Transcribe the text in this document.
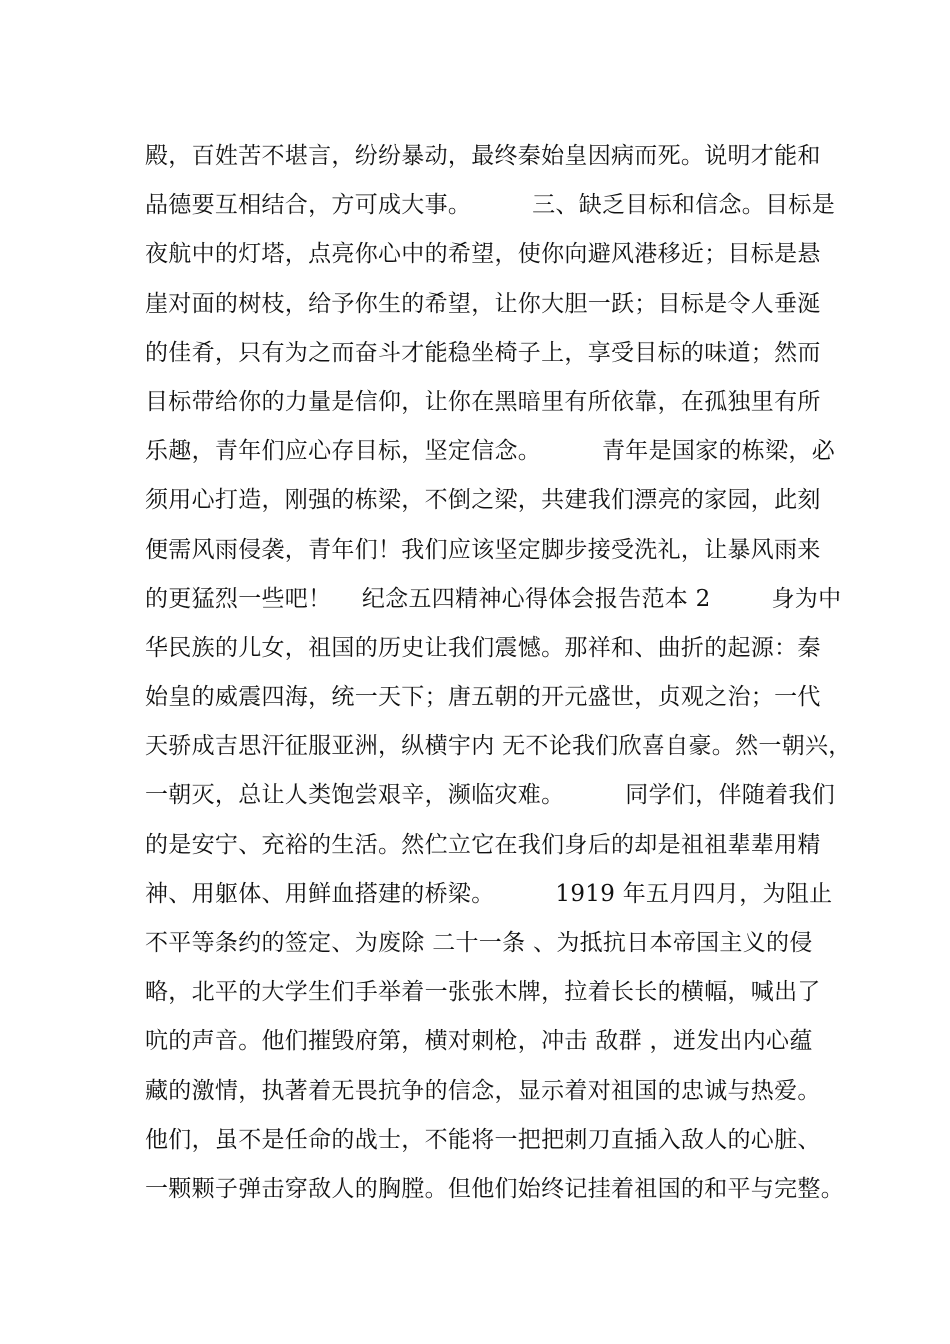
殿，百姓苦不堪言，纷纷暴动，最终秦始皇因病而死。说明才能和
品德要互相结合，方可成大事。        三、缺乏目标和信念。目标是
夜航中的灯塔，点亮你心中的希望，使你向避风港移近；目标是悬
崖对面的树枝，给予你生的希望，让你大胆一跃；目标是令人垂涎
的佳肴，只有为之而奋斗才能稳坐椅子上，享受目标的味道；然而
目标带给你的力量是信仰，让你在黑暗里有所依靠，在孤独里有所
乐趣，青年们应心存目标，坚定信念。        青年是国家的栋梁，必
须用心打造，刚强的栋梁，不倒之梁，共建我们漂亮的家园，此刻
便需风雨侵袭，青年们！我们应该坚定脚步接受洗礼，让暴风雨来
的更猛烈一些吧！    纪念五四精神心得体会报告范本 2        身为中
华民族的儿女，祖国的历史让我们震憾。那祥和、曲折的起源：秦
始皇的威震四海，统一天下；唐五朝的开元盛世，贞观之治；一代
天骄成吉思汗征服亚洲，纵横宇内 无不论我们欣喜自豪。然一朝兴，
一朝灭，总让人类饱尝艰辛，濒临灾难。        同学们，伴随着我们
的是安宁、充裕的生活。然伫立它在我们身后的却是祖祖辈辈用精
神、用躯体、用鲜血搭建的桥梁。        1919 年五月四月，为阻止
不平等条约的签定、为废除 二十一条 、为抵抗日本帝国主义的侵
略，北平的大学生们手举着一张张木牌，拉着长长的横幅，喊出了
吭的声音。他们摧毁府第，横对刺枪，冲击 敌群 ，迸发出内心蕴
藏的激情，执著着无畏抗争的信念，显示着对祖国的忠诚与热爱。
他们，虽不是任命的战士，不能将一把把刺刀直插入敌人的心脏、
一颗颗子弹击穿敌人的胸膛。但他们始终记挂着祖国的和平与完整。
